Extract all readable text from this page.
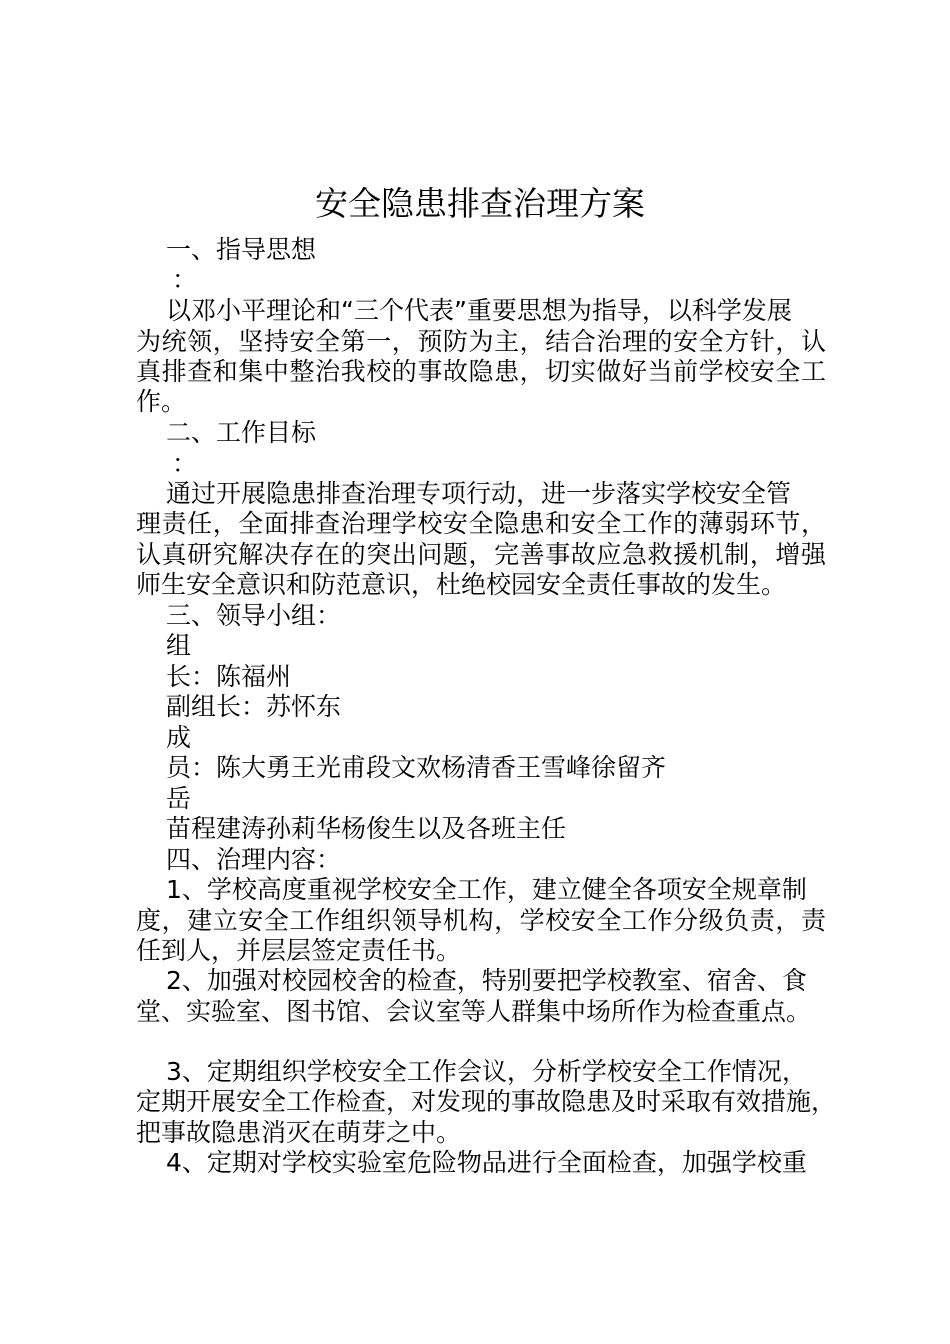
安全隐患排查治理方案
一、指导思想
：
以邓小平理论和“三个代表”重要思想为指导，以科学发展
为统领，坚持安全第一，预防为主，结合治理的安全方针，认
真排查和集中整治我校的事故隐患，切实做好当前学校安全工
作。
二、工作目标
：
通过开展隐患排查治理专项行动，进一步落实学校安全管
理责任，全面排查治理学校安全隐患和安全工作的薄弱环节，
认真研究解决存在的突出问题，完善事故应急救援机制，增强
师生安全意识和防范意识，杜绝校园安全责任事故的发生。
三、领导小组：
组
长：陈福州
副组长：苏怀东
成
员：陈大勇王光甫段文欢杨清香王雪峰徐留齐
岳
苗程建涛孙莉华杨俊生以及各班主任
四、治理内容：
1、学校高度重视学校安全工作，建立健全各项安全规章制
度，建立安全工作组织领导机构，学校安全工作分级负责，责
任到人，并层层签定责任书。
2、加强对校园校舍的检查，特别要把学校教室、宿舍、食
堂、实验室、图书馆、会议室等人群集中场所作为检查重点。
3、定期组织学校安全工作会议，分析学校安全工作情况，
定期开展安全工作检查，对发现的事故隐患及时采取有效措施，
把事故隐患消灭在萌芽之中。
4、定期对学校实验室危险物品进行全面检查，加强学校重
